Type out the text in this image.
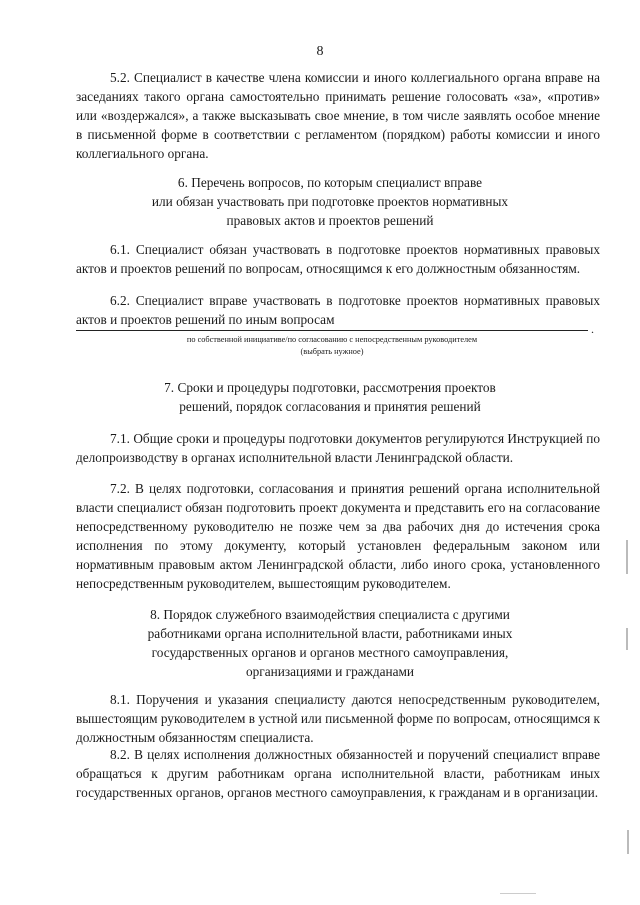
8
5.2. Специалист в качестве члена комиссии и иного коллегиального органа вправе на заседаниях такого органа самостоятельно принимать решение голосовать «за», «против» или «воздержался», а также высказывать свое мнение, в том числе заявлять особое мнение в письменной форме в соответствии с регламентом (порядком) работы комиссии и иного коллегиального органа.
6. Перечень вопросов, по которым специалист вправе
или обязан участвовать при подготовке проектов нормативных
правовых актов и проектов решений
6.1. Специалист обязан участвовать в подготовке проектов нормативных правовых актов и проектов решений по вопросам, относящимся к его должностным обязанностям.
6.2. Специалист вправе участвовать в подготовке проектов нормативных правовых актов и проектов решений по иным вопросам
.
по собственной инициативе/по согласованию с непосредственным руководителем
(выбрать нужное)
7. Сроки и процедуры подготовки, рассмотрения проектов
решений, порядок согласования и принятия решений
7.1. Общие сроки и процедуры подготовки документов регулируются Инструкцией по делопроизводству в органах исполнительной власти Ленинградской области.
7.2. В целях подготовки, согласования и принятия решений органа исполнительной власти специалист обязан подготовить проект документа и представить его на согласование непосредственному руководителю не позже чем за два рабочих дня до истечения срока исполнения по этому документу, который установлен федеральным законом или нормативным правовым актом Ленинградской области, либо иного срока, установленного непосредственным руководителем, вышестоящим руководителем.
8. Порядок служебного взаимодействия специалиста с другими
работниками органа исполнительной власти, работниками иных
государственных органов и органов местного самоуправления,
организациями и гражданами
8.1. Поручения и указания специалисту даются непосредственным руководителем, вышестоящим руководителем в устной или письменной форме по вопросам, относящимся к должностным обязанностям специалиста.
8.2. В целях исполнения должностных обязанностей и поручений специалист вправе обращаться к другим работникам органа исполнительной власти, работникам иных государственных органов, органов местного самоуправления, к гражданам и в организации.
